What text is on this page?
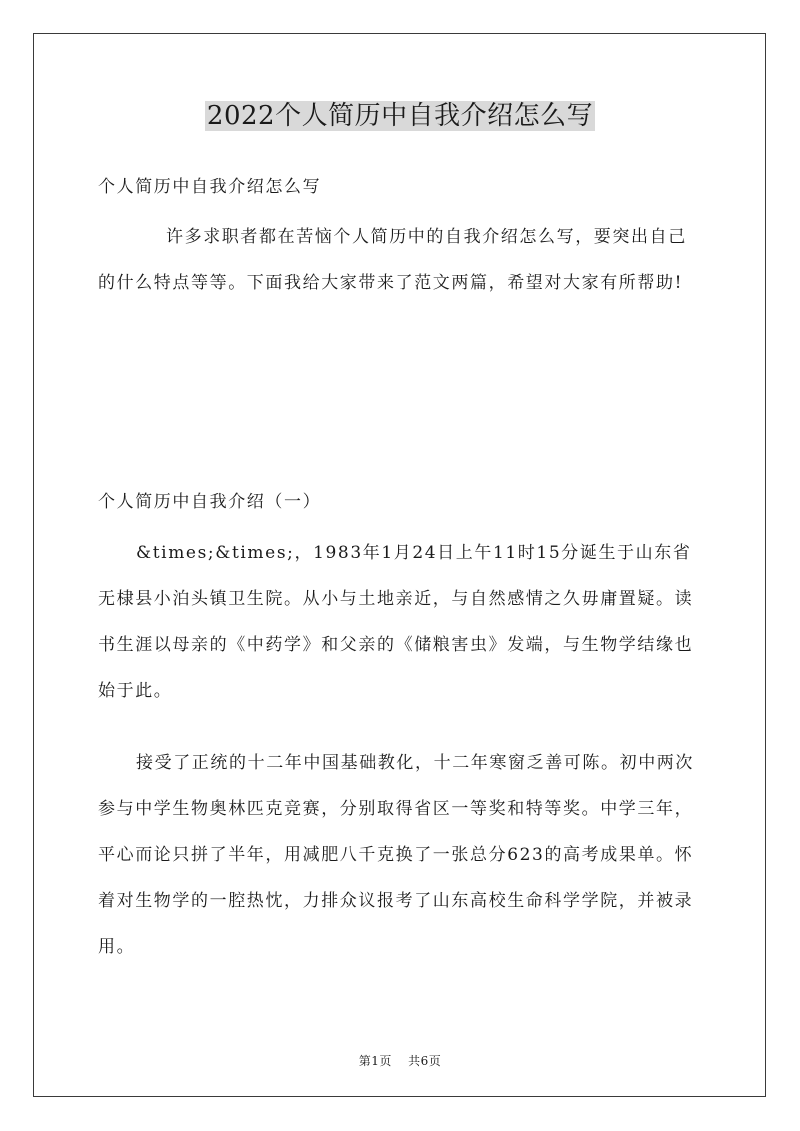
2022个人简历中自我介绍怎么写

个人简历中自我介绍怎么写

许多求职者都在苦恼个人简历中的自我介绍怎么写，要突出自己的什么特点等等。下面我给大家带来了范文两篇，希望对大家有所帮助!

个人简历中自我介绍（一）

&times;&times;，1983年1月24日上午11时15分诞生于山东省无棣县小泊头镇卫生院。从小与土地亲近，与自然感情之久毋庸置疑。读书生涯以母亲的《中药学》和父亲的《储粮害虫》发端，与生物学结缘也始于此。

接受了正统的十二年中国基础教化，十二年寒窗乏善可陈。初中两次参与中学生物奥林匹克竞赛，分别取得省区一等奖和特等奖。中学三年，平心而论只拼了半年，用减肥八千克换了一张总分623的高考成果单。怀着对生物学的一腔热忱，力排众议报考了山东高校生命科学学院，并被录用。

第1页 共6页
